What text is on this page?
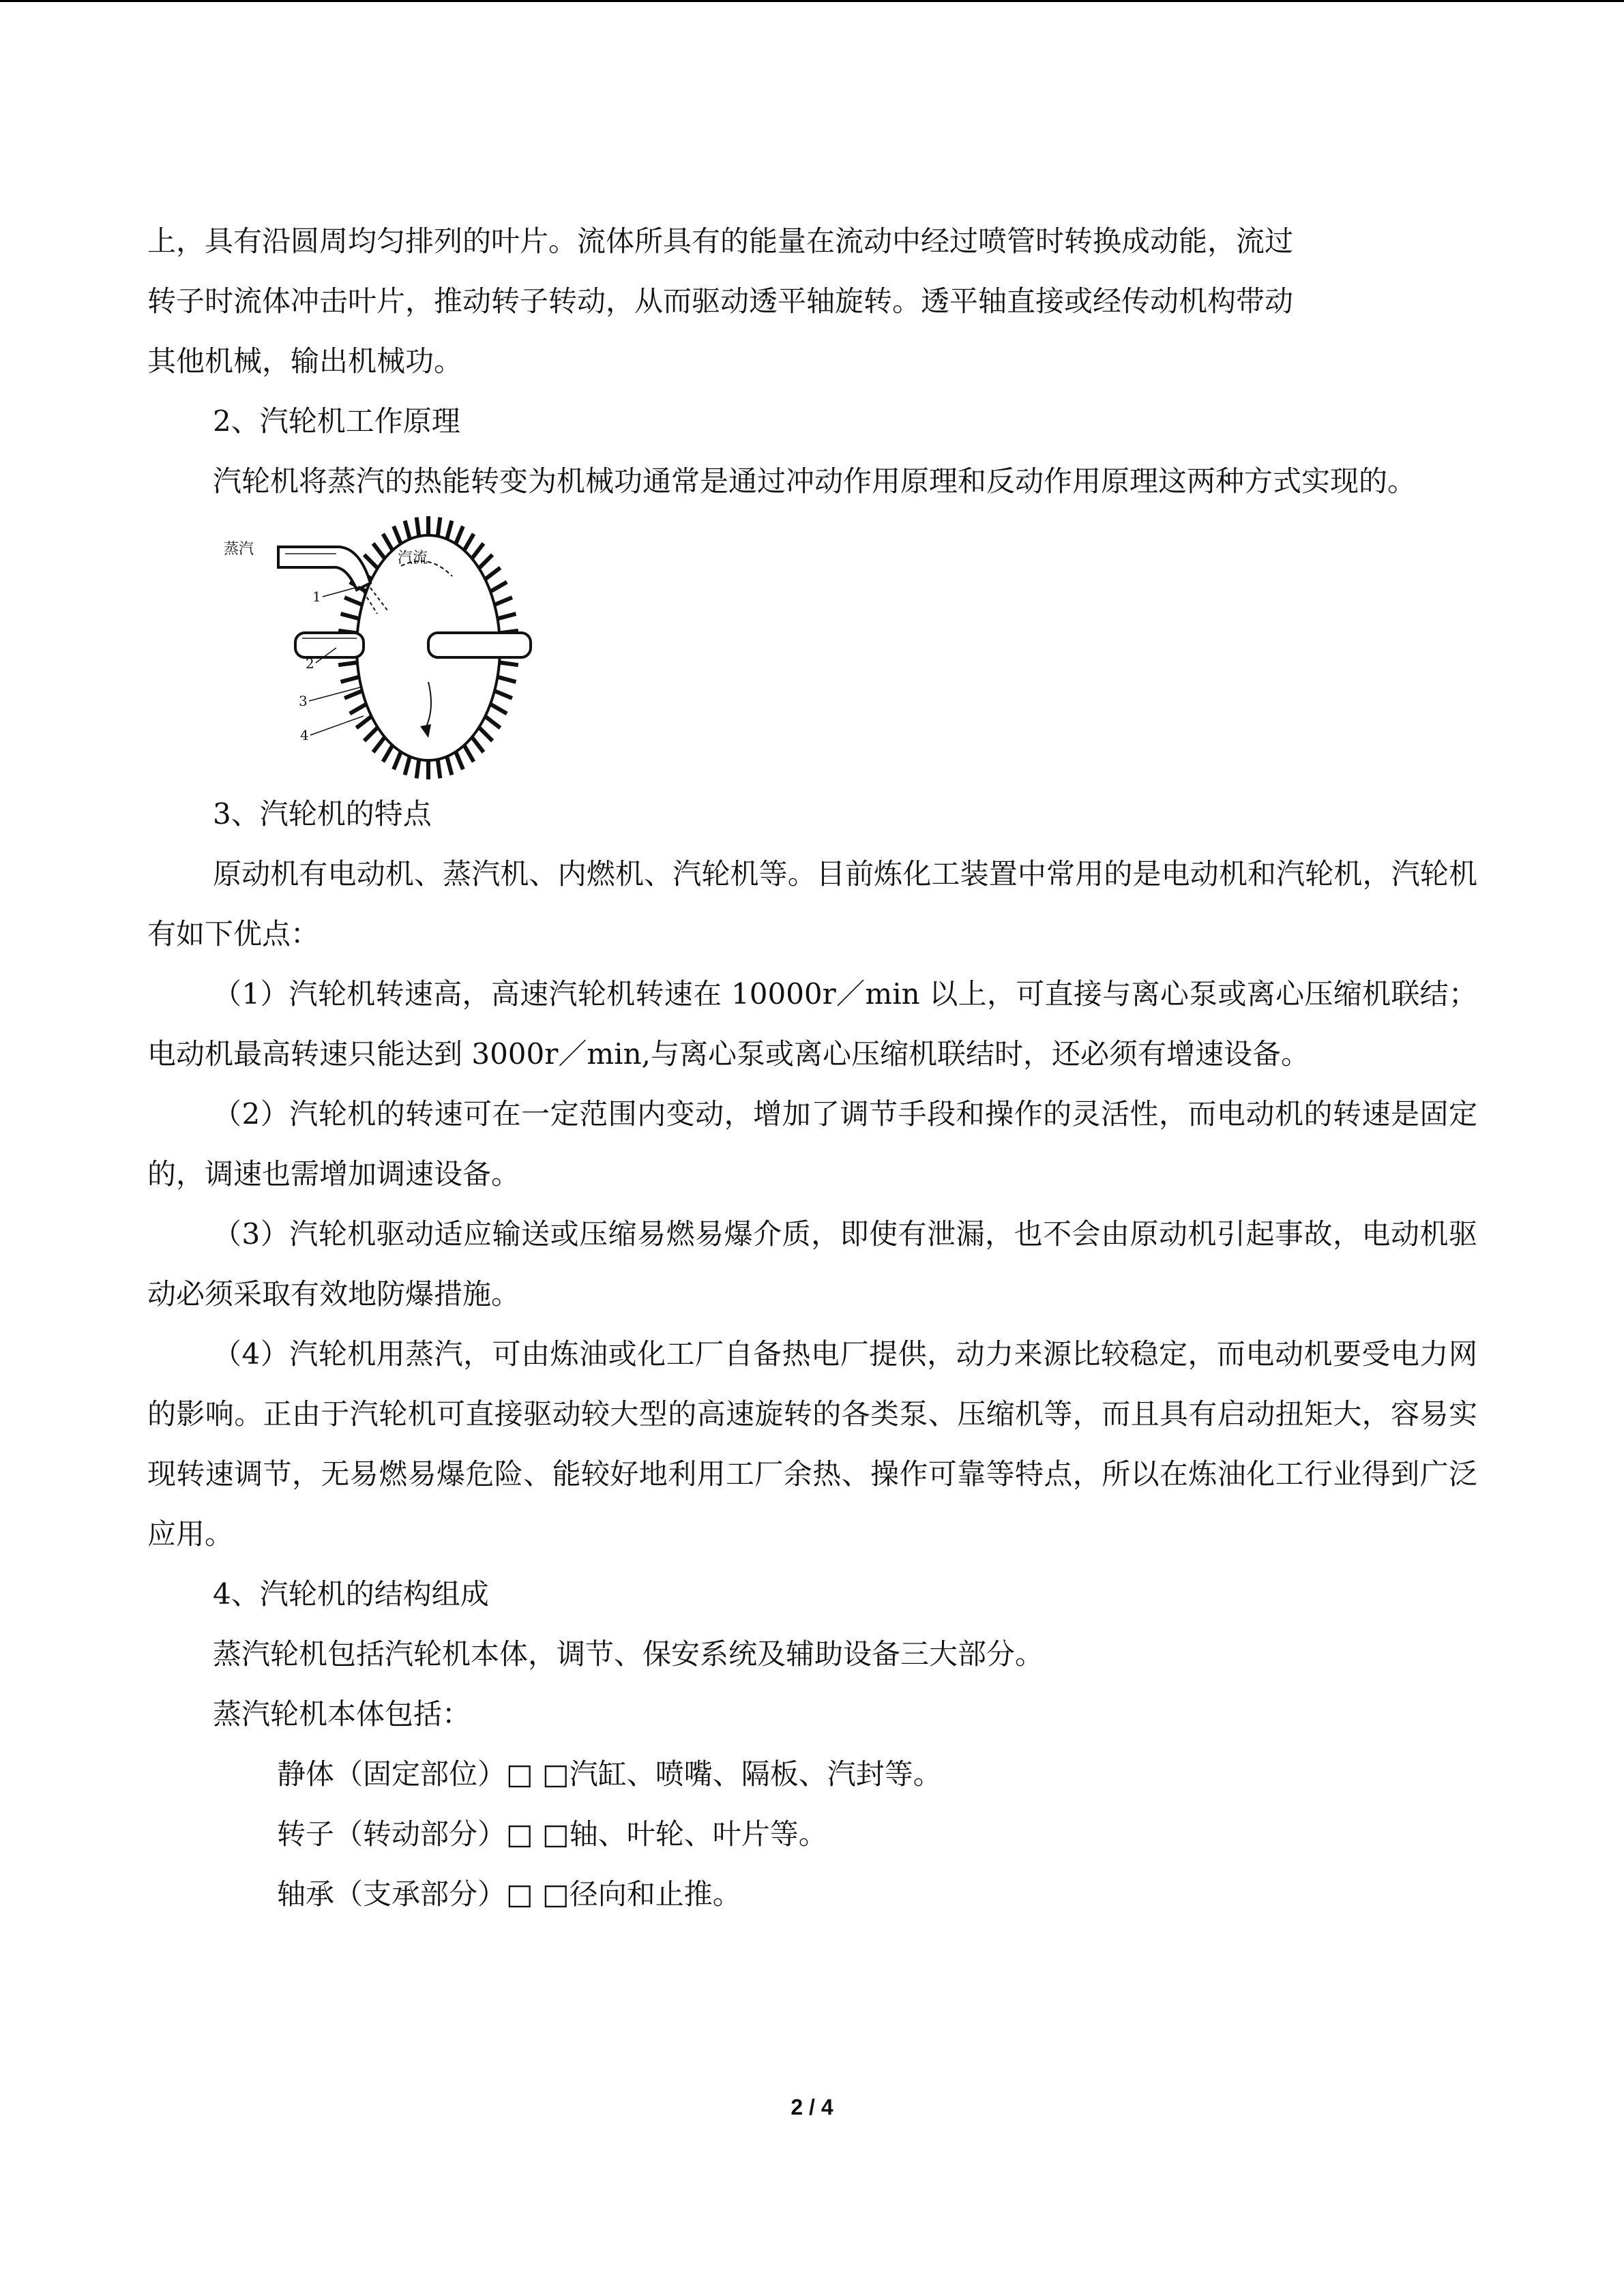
上，具有沿圆周均匀排列的叶片。流体所具有的能量在流动中经过喷管时转换成动能，流过

转子时流体冲击叶片，推动转子转动，从而驱动透平轴旋转。透平轴直接或经传动机构带动

其他机械，输出机械功。

2、汽轮机工作原理

汽轮机将蒸汽的热能转变为机械功通常是通过冲动作用原理和反动作用原理这两种方式实现的。

蒸汽
汽流
1
2
3
4

3、汽轮机的特点

原动机有电动机、蒸汽机、内燃机、汽轮机等。目前炼化工装置中常用的是电动机和汽轮机，汽轮机有如下优点：

（1）汽轮机转速高，高速汽轮机转速在 10000r／min 以上，可直接与离心泵或离心压缩机联结；电动机最高转速只能达到 3000r／min,与离心泵或离心压缩机联结时，还必须有增速设备。

（2）汽轮机的转速可在一定范围内变动，增加了调节手段和操作的灵活性，而电动机的转速是固定的，调速也需增加调速设备。

（3）汽轮机驱动适应输送或压缩易燃易爆介质，即使有泄漏，也不会由原动机引起事故，电动机驱动必须采取有效地防爆措施。

（4）汽轮机用蒸汽，可由炼油或化工厂自备热电厂提供，动力来源比较稳定，而电动机要受电力网的影响。正由于汽轮机可直接驱动较大型的高速旋转的各类泵、压缩机等，而且具有启动扭矩大，容易实现转速调节，无易燃易爆危险、能较好地利用工厂余热、操作可靠等特点，所以在炼油化工行业得到广泛应用。

4、汽轮机的结构组成

蒸汽轮机包括汽轮机本体，调节、保安系统及辅助设备三大部分。

蒸汽轮机本体包括：

静体（固定部位）□ □汽缸、喷嘴、隔板、汽封等。

转子（转动部分）□ □轴、叶轮、叶片等。

轴承（支承部分）□ □径向和止推。

2 / 4
